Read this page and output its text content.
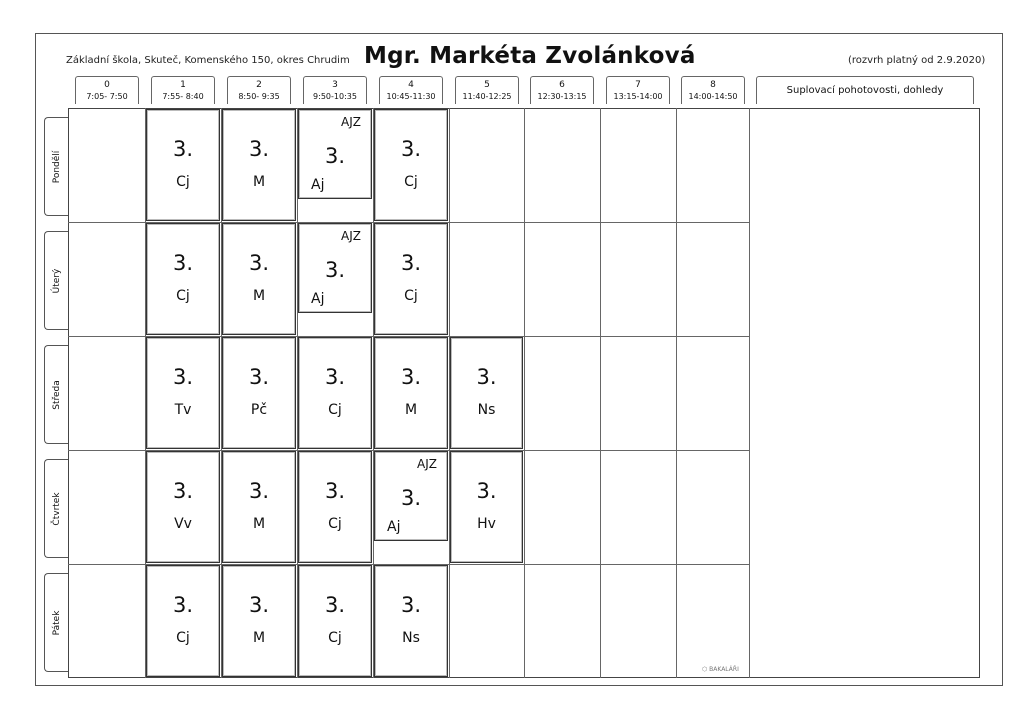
Základní škola, Skuteč, Komenského 150, okres Chrudim Mgr. Markéta Zvolánková	(rozvrh platný od 2.9.2020)
0
7:05- 7:50
1
7:55- 8:40
2
8:50- 9:35
3
9:50-10:35
4
10:45-11:30
5
11:40-12:25
6
12:30-13:15
7
13:15-14:00
8
14:00-14:50
Suplovací pohotovosti, dohledy
Pondělí
Úterý
Středa
Čtvrtek
Pátek
3.
Cj
3.
M
AJZ
3.
Aj
3.
Cj
3.
Cj
3.
M
AJZ
3.
Aj
3.
Cj
3.
Tv
3.
Pč
3.
Cj
3.
M
3.
Ns
3.
Vv
3.
M
3.
Cj
AJZ
3.
Aj
3.
Hv
3.
Cj
3.
M
3.
Cj
3.
Ns
⬡ BAKALÁŘI
